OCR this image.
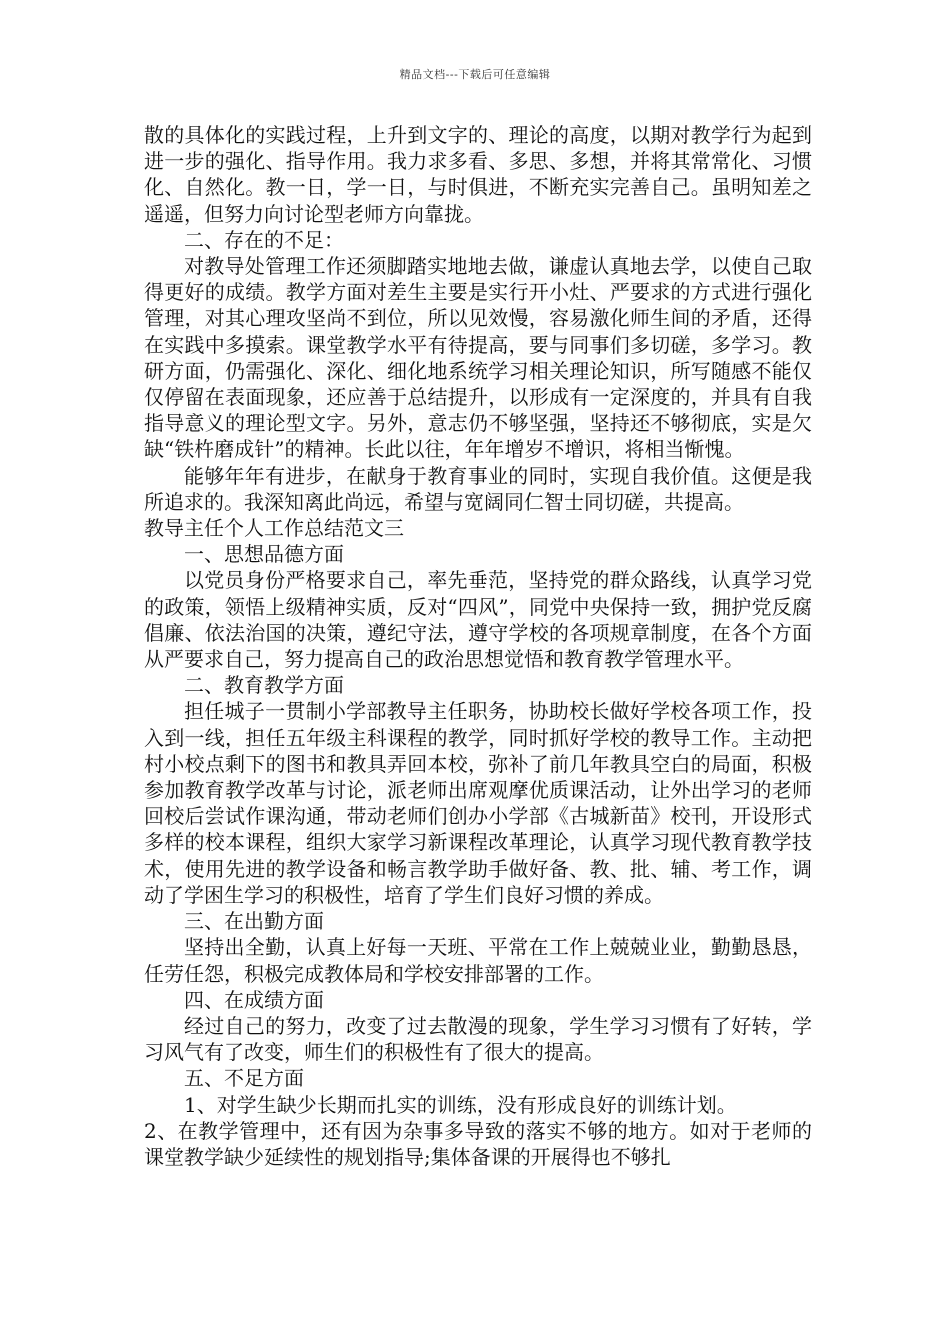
精品文档---下载后可任意编辑

散的具体化的实践过程，上升到文字的、理论的高度，以期对教学行为起到进一步的强化、指导作用。我力求多看、多思、多想，并将其常常化、习惯化、自然化。教一日，学一日，与时俱进，不断充实完善自己。虽明知差之遥遥，但努力向讨论型老师方向靠拢。

二、存在的不足：

对教导处管理工作还须脚踏实地地去做，谦虚认真地去学，以使自己取得更好的成绩。教学方面对差生主要是实行开小灶、严要求的方式进行强化管理，对其心理攻坚尚不到位，所以见效慢，容易激化师生间的矛盾，还得在实践中多摸索。课堂教学水平有待提高，要与同事们多切磋，多学习。教研方面，仍需强化、深化、细化地系统学习相关理论知识，所写随感不能仅仅停留在表面现象，还应善于总结提升，以形成有一定深度的，并具有自我指导意义的理论型文字。另外，意志仍不够坚强，坚持还不够彻底，实是欠缺“铁杵磨成针”的精神。长此以往，年年增岁不增识，将相当惭愧。

能够年年有进步，在献身于教育事业的同时，实现自我价值。这便是我所追求的。我深知离此尚远，希望与宽阔同仁智士同切磋，共提高。

教导主任个人工作总结范文三

一、思想品德方面

以党员身份严格要求自己，率先垂范，坚持党的群众路线，认真学习党的政策，领悟上级精神实质，反对“四风”，同党中央保持一致，拥护党反腐倡廉、依法治国的决策，遵纪守法，遵守学校的各项规章制度，在各个方面从严要求自己，努力提高自己的政治思想觉悟和教育教学管理水平。

二、教育教学方面

担任城子一贯制小学部教导主任职务，协助校长做好学校各项工作，投入到一线，担任五年级主科课程的教学，同时抓好学校的教导工作。主动把村小校点剩下的图书和教具弄回本校，弥补了前几年教具空白的局面，积极参加教育教学改革与讨论，派老师出席观摩优质课活动，让外出学习的老师回校后尝试作课沟通，带动老师们创办小学部《古城新苗》校刊，开设形式多样的校本课程，组织大家学习新课程改革理论，认真学习现代教育教学技术，使用先进的教学设备和畅言教学助手做好备、教、批、辅、考工作，调动了学困生学习的积极性，培育了学生们良好习惯的养成。

三、在出勤方面

坚持出全勤，认真上好每一天班、平常在工作上兢兢业业，勤勤恳恳，任劳任怨，积极完成教体局和学校安排部署的工作。

四、在成绩方面

经过自己的努力，改变了过去散漫的现象，学生学习习惯有了好转，学习风气有了改变，师生们的积极性有了很大的提高。

五、不足方面

1、对学生缺少长期而扎实的训练，没有形成良好的训练计划。

2、在教学管理中，还有因为杂事多导致的落实不够的地方。如对于老师的课堂教学缺少延续性的规划指导;集体备课的开展得也不够扎
